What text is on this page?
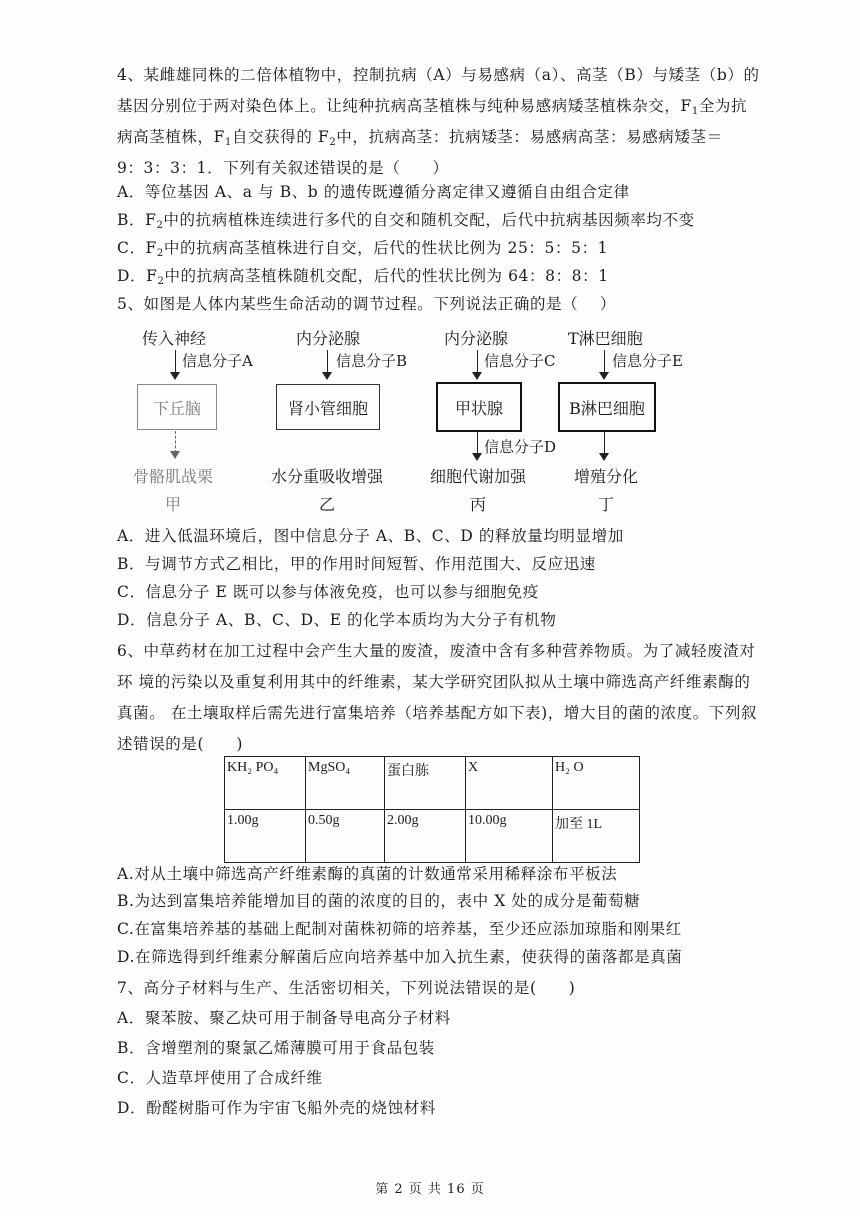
4、某雌雄同株的二倍体植物中，控制抗病（A）与易感病（a）、高茎（B）与矮茎（b）的
基因分别位于两对染色体上。让纯种抗病高茎植株与纯种易感病矮茎植株杂交，$F_1$全为抗
病高茎植株，$F_1$自交获得的 $F_2$中，抗病高茎：抗病矮茎：易感病高茎：易感病矮茎＝
9：3：3：1．下列有关叙述错误的是（　　）
A．等位基因 A、a 与 B、b 的遗传既遵循分离定律又遵循自由组合定律
B．$F_2$中的抗病植株连续进行多代的自交和随机交配，后代中抗病基因频率均不变
C．$F_2$中的抗病高茎植株进行自交，后代的性状比例为 25：5：5：1
D．$F_2$中的抗病高茎植株随机交配，后代的性状比例为 64：8：8：1
5、如图是人体内某些生命活动的调节过程。下列说法正确的是（　 ）
传入神经
信息分子A
下丘脑
骨骼肌战栗
甲
内分泌腺
信息分子B
肾小管细胞
水分重吸收增强
乙
内分泌腺
信息分子C
甲状腺
信息分子D
细胞代谢加强
丙
T淋巴细胞
信息分子E
B淋巴细胞
增殖分化
丁
A．进入低温环境后，图中信息分子 A、B、C、D 的释放量均明显增加
B．与调节方式乙相比，甲的作用时间短暂、作用范围大、反应迅速
C．信息分子 E 既可以参与体液免疫，也可以参与细胞免疫
D．信息分子 A、B、C、D、E 的化学本质均为大分子有机物
6、中草药材在加工过程中会产生大量的废渣，废渣中含有多种营养物质。为了减轻废渣对
环 境的污染以及重复利用其中的纤维素，某大学研究团队拟从土壤中筛选高产纤维素酶的
真菌。 在土壤取样后需先进行富集培养（培养基配方如下表)，增大目的菌的浓度。下列叙
述错误的是(　　)
KH₂ PO₄	MgSO₄	蛋白胨	X	H₂ O
1.00g	0.50g	2.00g	10.00g	加至 1L
A.对从土壤中筛选高产纤维素酶的真菌的计数通常采用稀释涂布平板法
B.为达到富集培养能增加目的菌的浓度的目的，表中 X 处的成分是葡萄糖
C.在富集培养基的基础上配制对菌株初筛的培养基，至少还应添加琼脂和刚果红
D.在筛选得到纤维素分解菌后应向培养基中加入抗生素，使获得的菌落都是真菌
7、高分子材料与生产、生活密切相关，下列说法错误的是(　　)
A．聚苯胺、聚乙炔可用于制备导电高分子材料
B．含增塑剂的聚氯乙烯薄膜可用于食品包装
C．人造草坪使用了合成纤维
D．酚醛树脂可作为宇宙飞船外壳的烧蚀材料
第 2 页 共 16 页
